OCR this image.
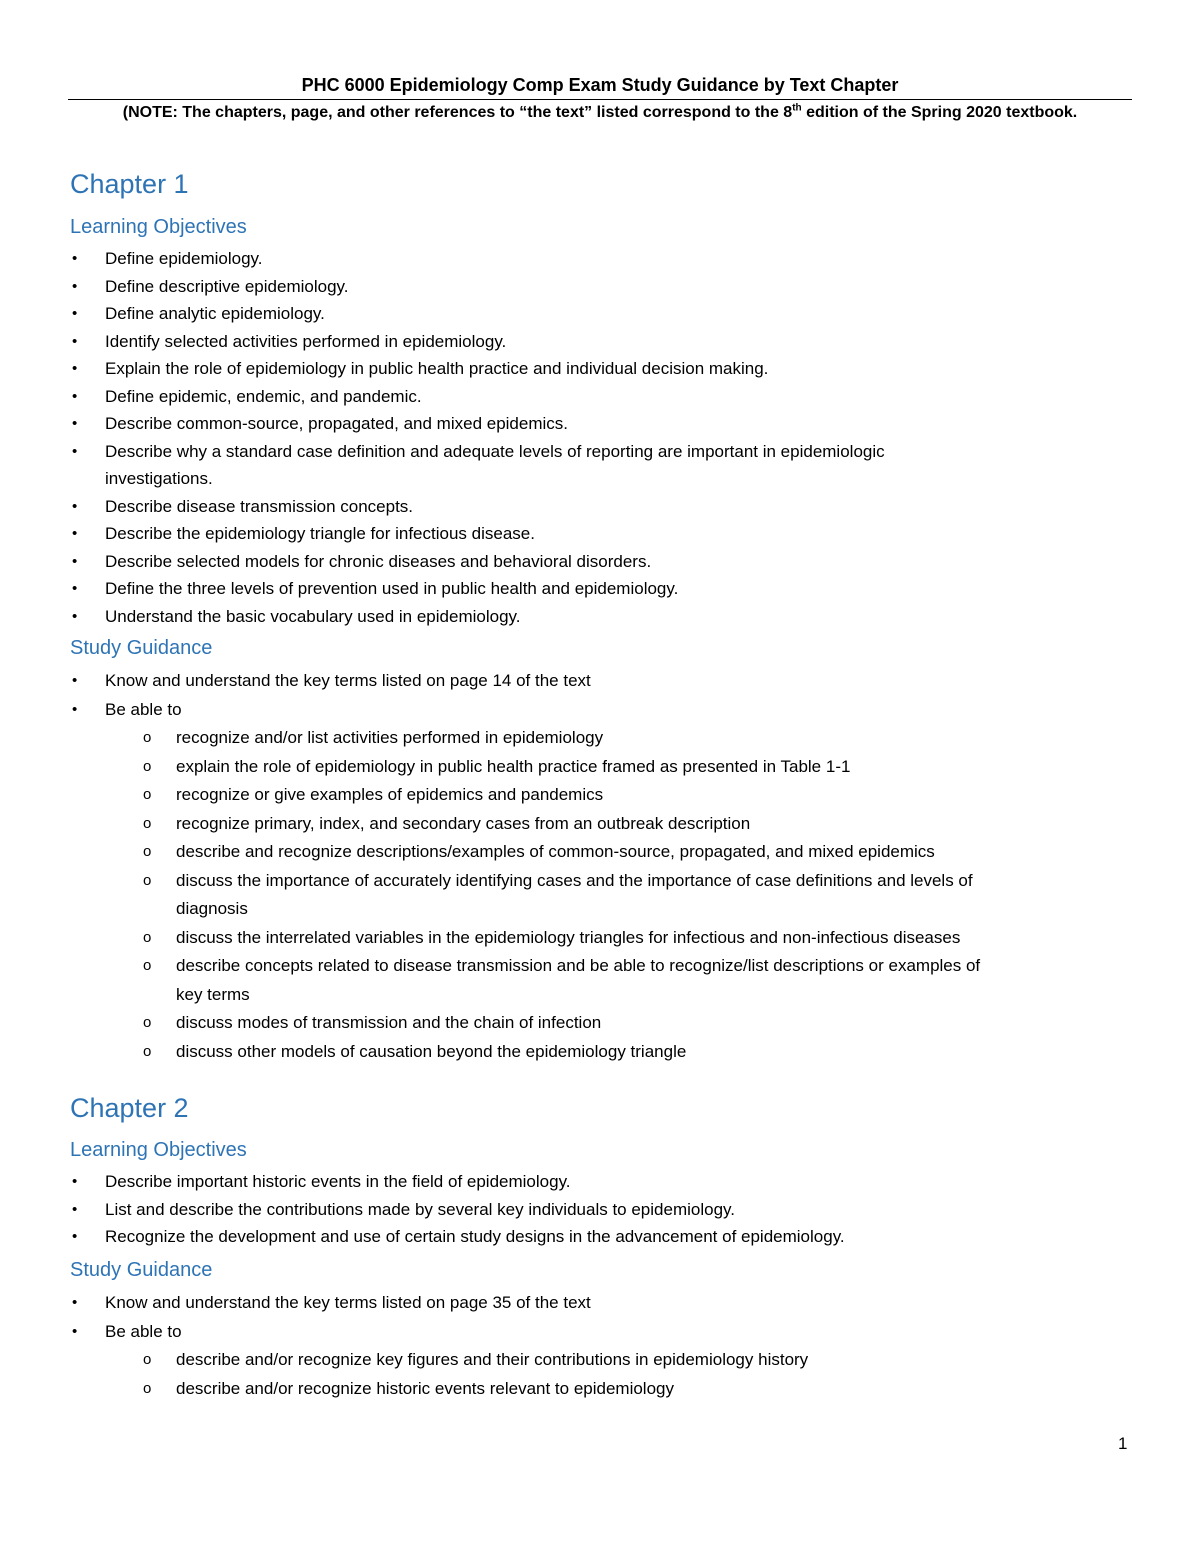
PHC 6000 Epidemiology Comp Exam Study Guidance by Text Chapter
(NOTE: The chapters, page, and other references to “the text” listed correspond to the 8th edition of the Spring 2020 textbook.
Chapter 1
Learning Objectives
• Define epidemiology.
• Define descriptive epidemiology.
• Define analytic epidemiology.
• Identify selected activities performed in epidemiology.
• Explain the role of epidemiology in public health practice and individual decision making.
• Define epidemic, endemic, and pandemic.
• Describe common-source, propagated, and mixed epidemics.
• Describe why a standard case definition and adequate levels of reporting are important in epidemiologic
investigations.
• Describe disease transmission concepts.
• Describe the epidemiology triangle for infectious disease.
• Describe selected models for chronic diseases and behavioral disorders.
• Define the three levels of prevention used in public health and epidemiology.
• Understand the basic vocabulary used in epidemiology.
Study Guidance
• Know and understand the key terms listed on page 14 of the text
• Be able to
o recognize and/or list activities performed in epidemiology
o explain the role of epidemiology in public health practice framed as presented in Table 1-1
o recognize or give examples of epidemics and pandemics
o recognize primary, index, and secondary cases from an outbreak description
o describe and recognize descriptions/examples of common-source, propagated, and mixed epidemics
o discuss the importance of accurately identifying cases and the importance of case definitions and levels of
diagnosis
o discuss the interrelated variables in the epidemiology triangles for infectious and non-infectious diseases
o describe concepts related to disease transmission and be able to recognize/list descriptions or examples of
key terms
o discuss modes of transmission and the chain of infection
o discuss other models of causation beyond the epidemiology triangle
Chapter 2
Learning Objectives
• Describe important historic events in the field of epidemiology.
• List and describe the contributions made by several key individuals to epidemiology.
• Recognize the development and use of certain study designs in the advancement of epidemiology.
Study Guidance
• Know and understand the key terms listed on page 35 of the text
• Be able to
o describe and/or recognize key figures and their contributions in epidemiology history
o describe and/or recognize historic events relevant to epidemiology
1
